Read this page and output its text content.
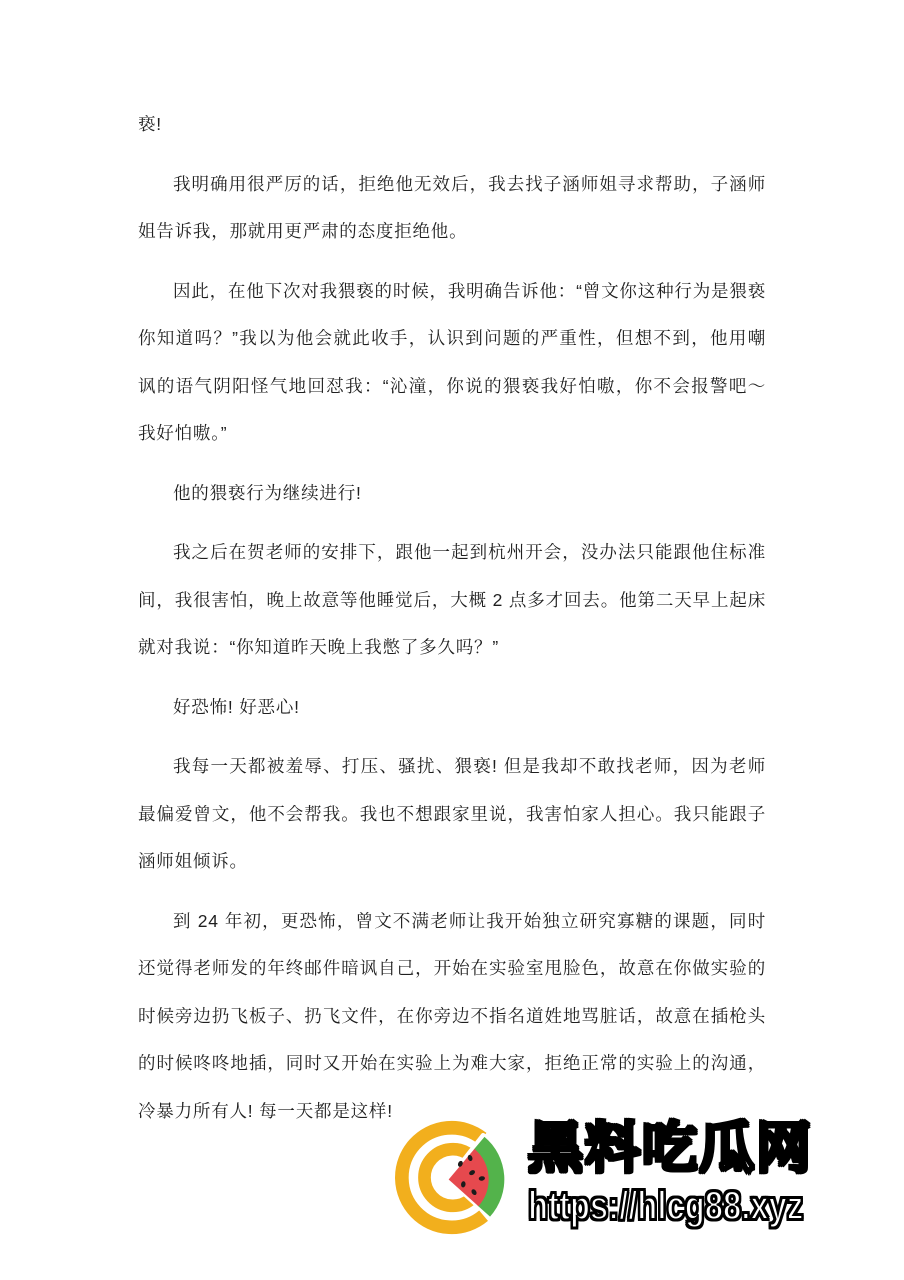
亵!

我明确用很严厉的话，拒绝他无效后，我去找子涵师姐寻求帮助，子涵师姐告诉我，那就用更严肃的态度拒绝他。

因此，在他下次对我猥亵的时候，我明确告诉他：“曾文你这种行为是猥亵你知道吗？”我以为他会就此收手，认识到问题的严重性，但想不到，他用嘲讽的语气阴阳怪气地回怼我：“沁潼，你说的猥亵我好怕嗷，你不会报警吧～我好怕嗷。”

他的猥亵行为继续进行!

我之后在贺老师的安排下，跟他一起到杭州开会，没办法只能跟他住标准间，我很害怕，晚上故意等他睡觉后，大概 2 点多才回去。他第二天早上起床就对我说：“你知道昨天晚上我憋了多久吗？”

好恐怖! 好恶心!

我每一天都被羞辱、打压、骚扰、猥亵! 但是我却不敢找老师，因为老师最偏爱曾文，他不会帮我。我也不想跟家里说，我害怕家人担心。我只能跟子涵师姐倾诉。

到 24 年初，更恐怖，曾文不满老师让我开始独立研究寡糖的课题，同时还觉得老师发的年终邮件暗讽自己，开始在实验室甩脸色，故意在你做实验的时候旁边扔飞板子、扔飞文件，在你旁边不指名道姓地骂脏话，故意在插枪头的时候咚咚地插，同时又开始在实验上为难大家，拒绝正常的实验上的沟通，冷暴力所有人! 每一天都是这样!

黑料吃瓜网
https://hlcg88.xyz
